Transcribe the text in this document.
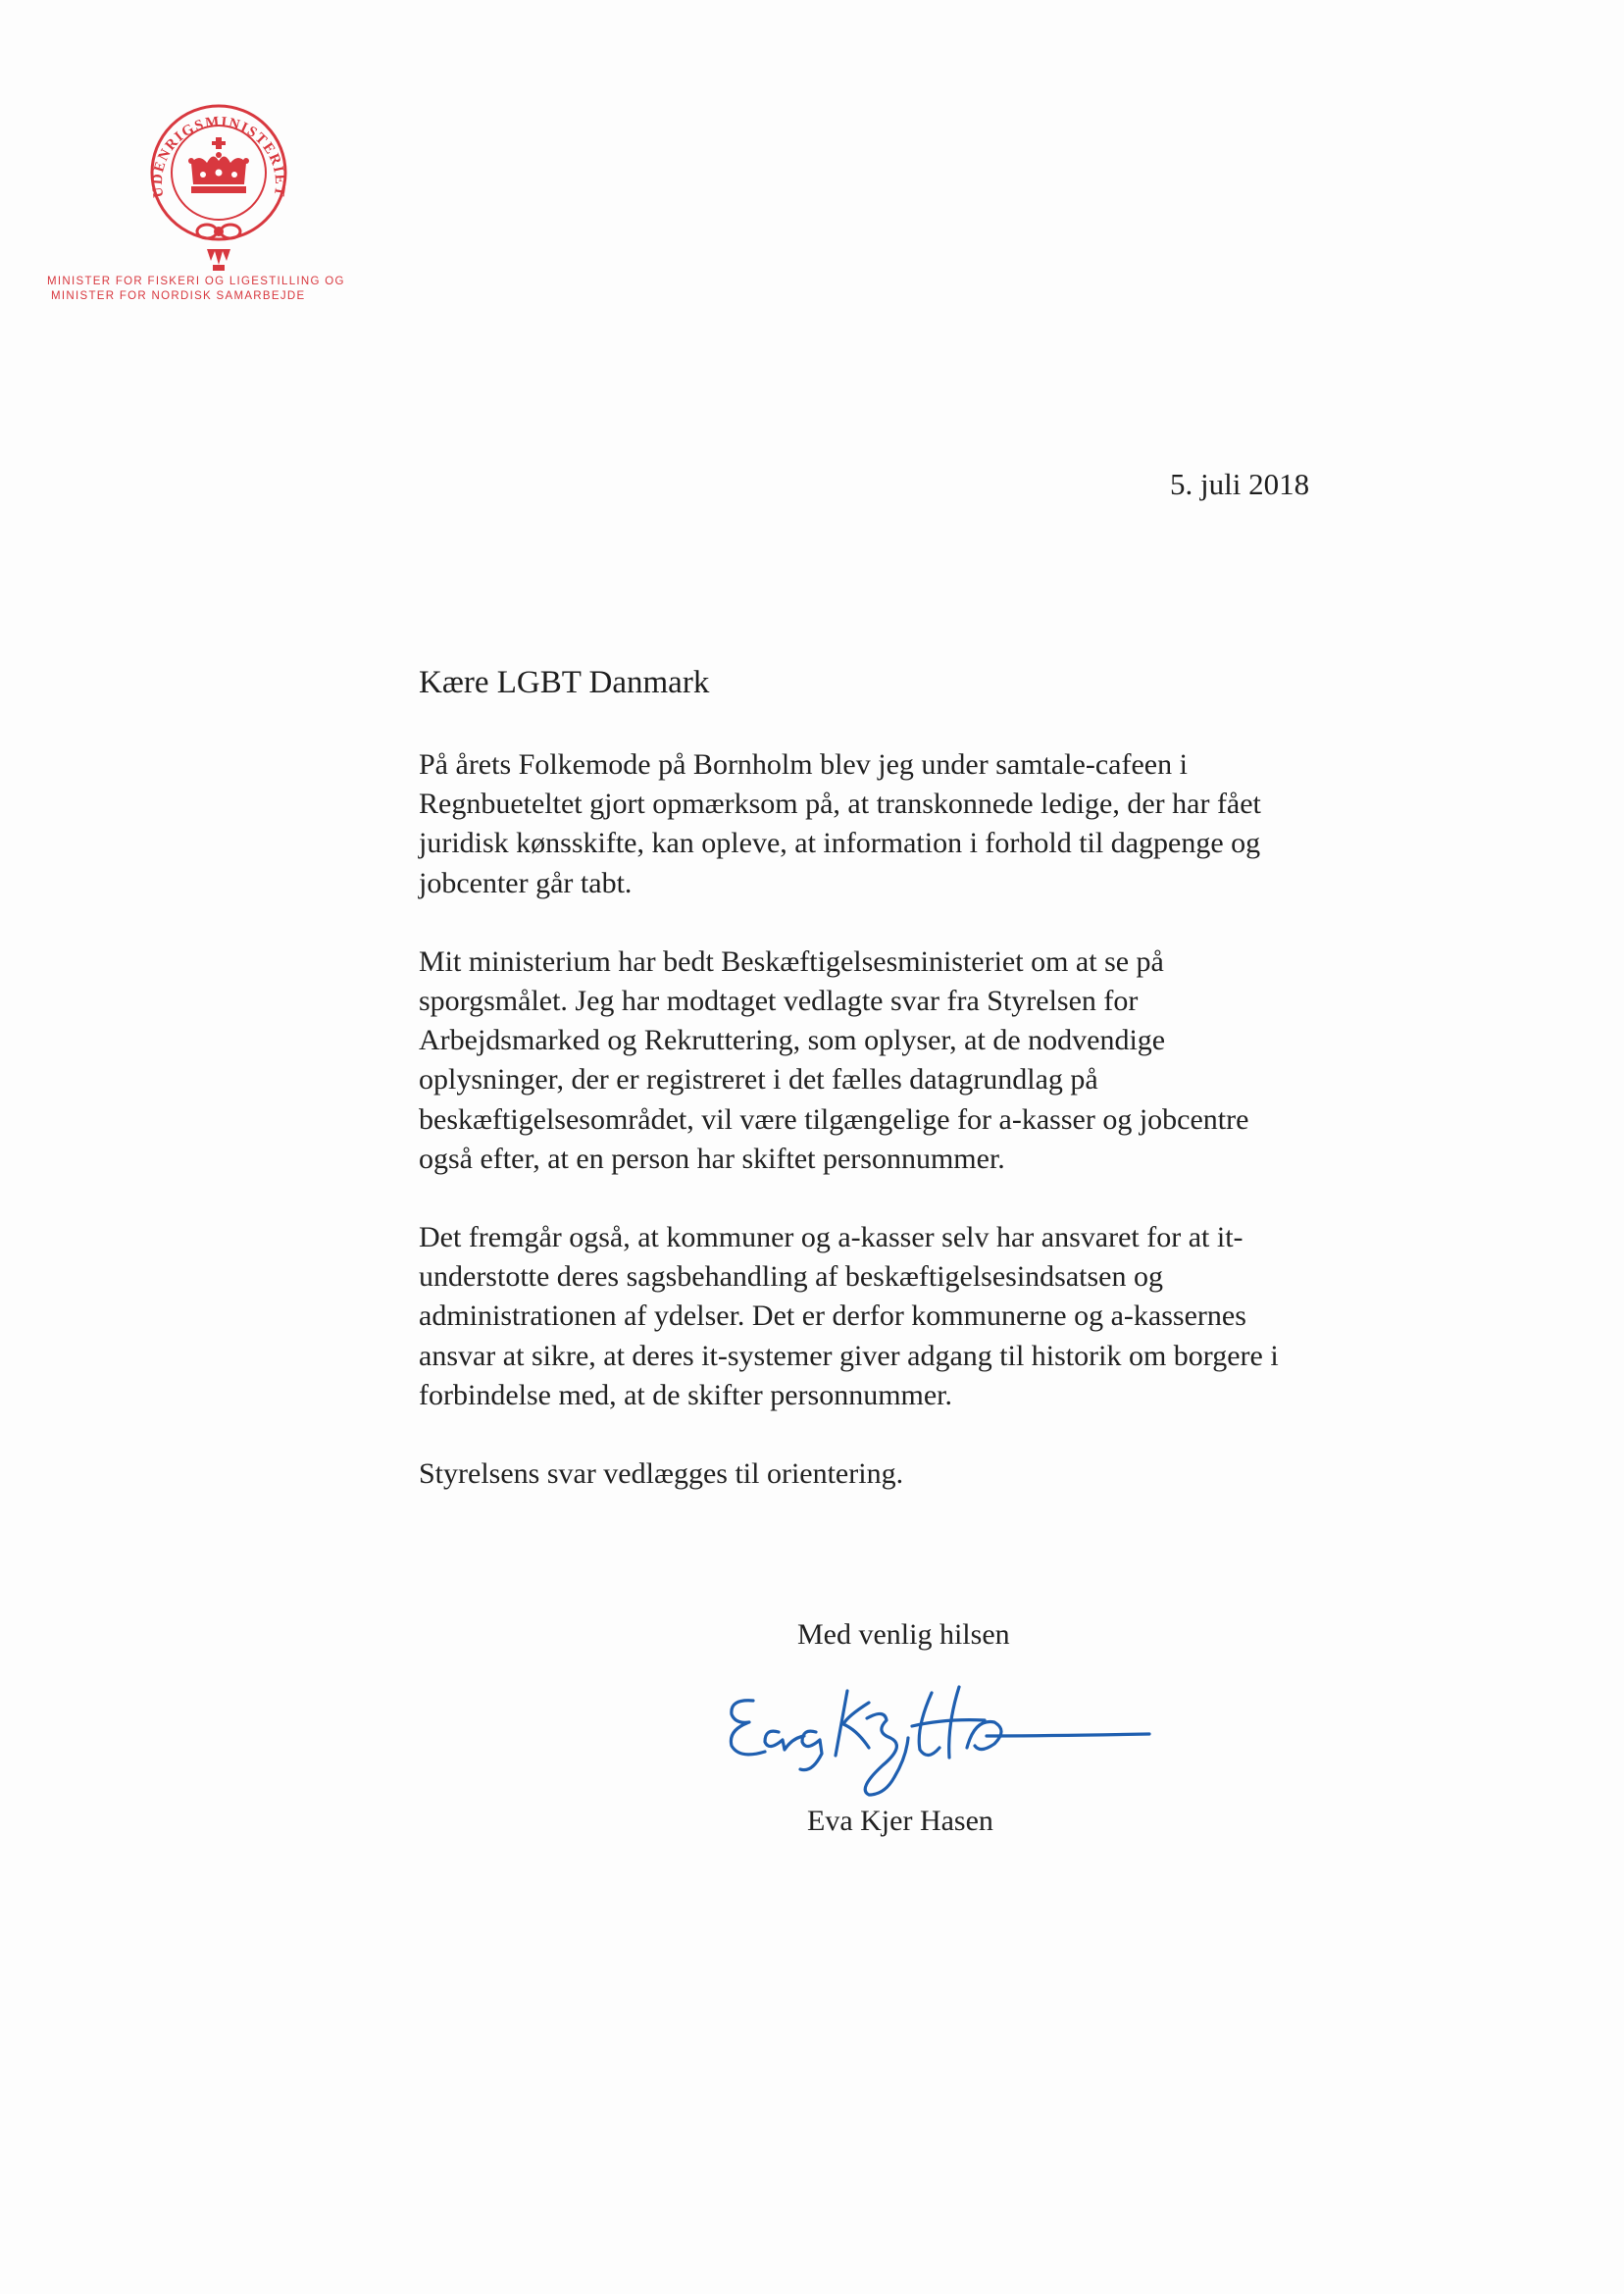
UDENRIGSMINISTERIET
MINISTER FOR FISKERI OG LIGESTILLING OG
MINISTER FOR NORDISK SAMARBEJDE
5. juli 2018
Kære LGBT Danmark

På årets Folkemode på Bornholm blev jeg under samtale-cafeen i
Regnbueteltet gjort opmærksom på, at transkonnede ledige, der har fået
juridisk kønsskifte, kan opleve, at information i forhold til dagpenge og
jobcenter går tabt.

Mit ministerium har bedt Beskæftigelsesministeriet om at se på
sporgsmålet. Jeg har modtaget vedlagte svar fra Styrelsen for
Arbejdsmarked og Rekruttering, som oplyser, at de nodvendige
oplysninger, der er registreret i det fælles datagrundlag på
beskæftigelsesområdet, vil være tilgængelige for a-kasser og jobcentre
også efter, at en person har skiftet personnummer.

Det fremgår også, at kommuner og a-kasser selv har ansvaret for at it-
understotte deres sagsbehandling af beskæftigelsesindsatsen og
administrationen af ydelser. Det er derfor kommunerne og a-kassernes
ansvar at sikre, at deres it-systemer giver adgang til historik om borgere i
forbindelse med, at de skifter personnummer.

Styrelsens svar vedlægges til orientering.

Med venlig hilsen
Eva Kjer Hasen
